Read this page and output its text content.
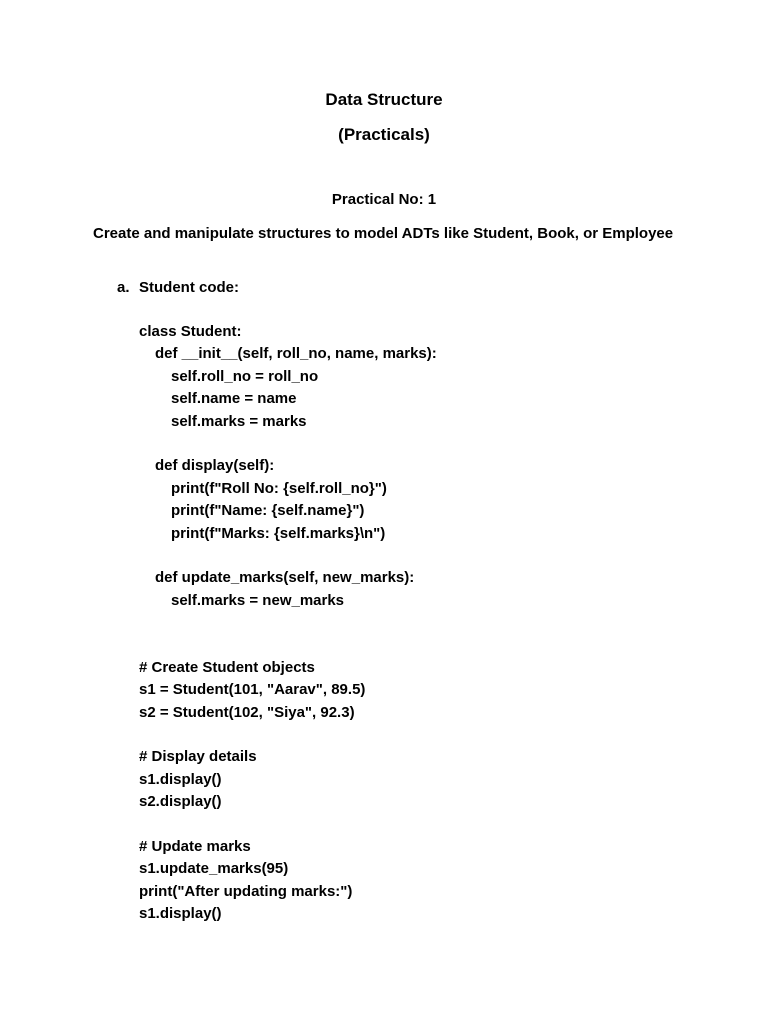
Data Structure
(Practicals)
Practical No: 1
Create and manipulate structures to model ADTs like Student, Book, or Employee
a. Student code:
class Student:
def __init__(self, roll_no, name, marks):
self.roll_no = roll_no
self.name = name
self.marks = marks
def display(self):
print(f"Roll No: {self.roll_no}")
print(f"Name: {self.name}")
print(f"Marks: {self.marks}\n")
def update_marks(self, new_marks):
self.marks = new_marks
# Create Student objects
s1 = Student(101, "Aarav", 89.5)
s2 = Student(102, "Siya", 92.3)
# Display details
s1.display()
s2.display()
# Update marks
s1.update_marks(95)
print("After updating marks:")
s1.display()
